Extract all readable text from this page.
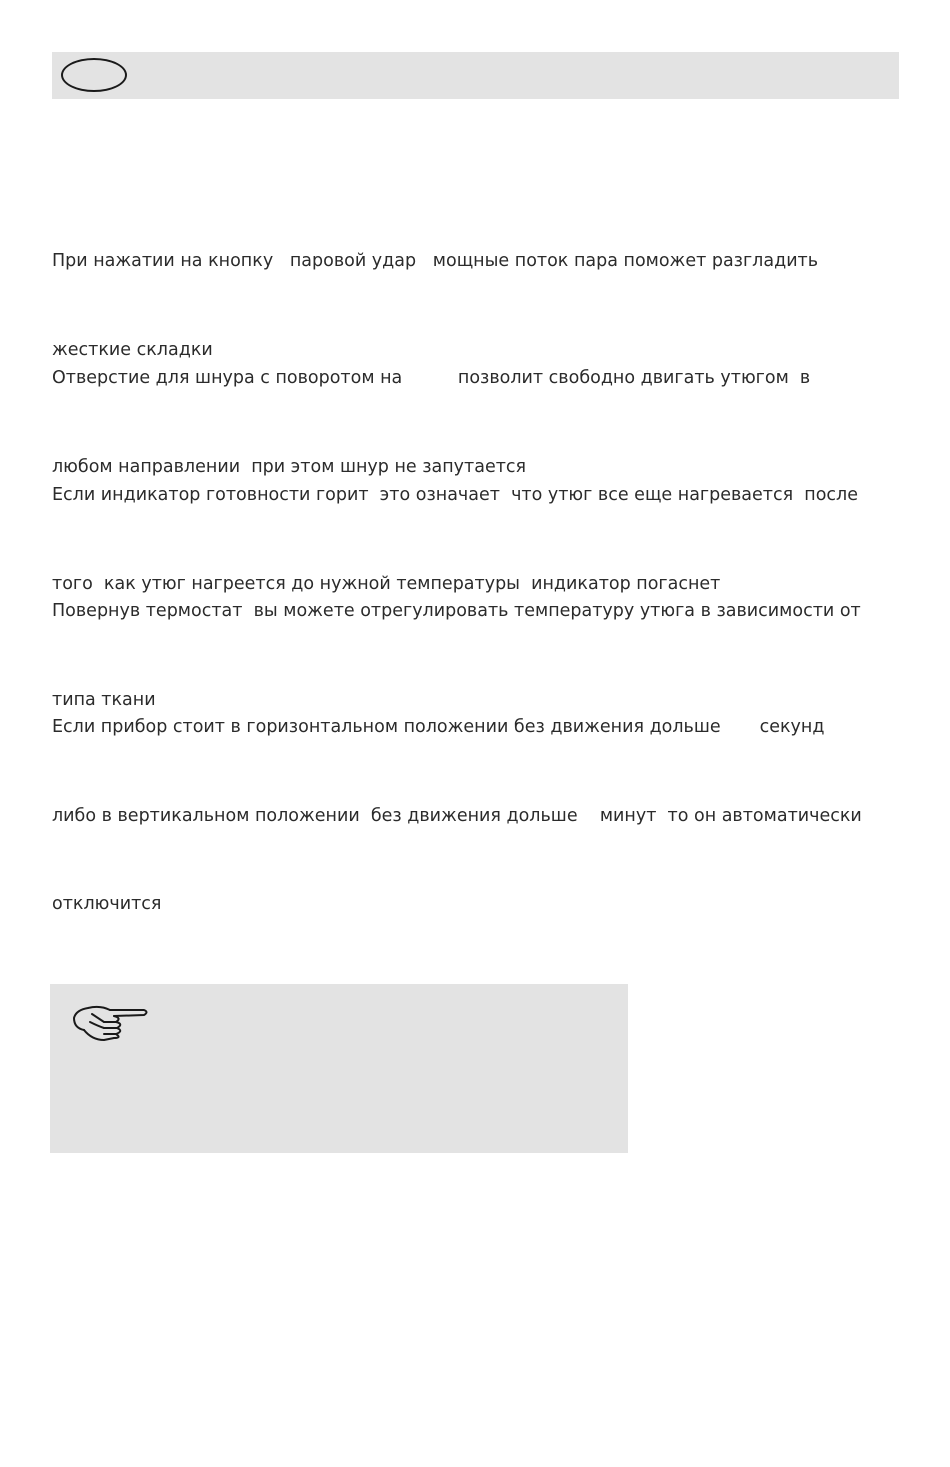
При нажатии на кнопку   паровой удар   мощные поток пара поможет разгладить

жесткие складки

Отверстие для шнура с поворотом на          позволит свободно двигать утюгом  в

любом направлении  при этом шнур не запутается

Если индикатор готовности горит  это означает  что утюг все еще нагревается  после

того  как утюг нагреется до нужной температуры  индикатор погаснет

Повернув термостат  вы можете отрегулировать температуру утюга в зависимости от

типа ткани

Если прибор стоит в горизонтальном положении без движения дольше       секунд

либо в вертикальном положении  без движения дольше    минут  то он автоматически

отключится
